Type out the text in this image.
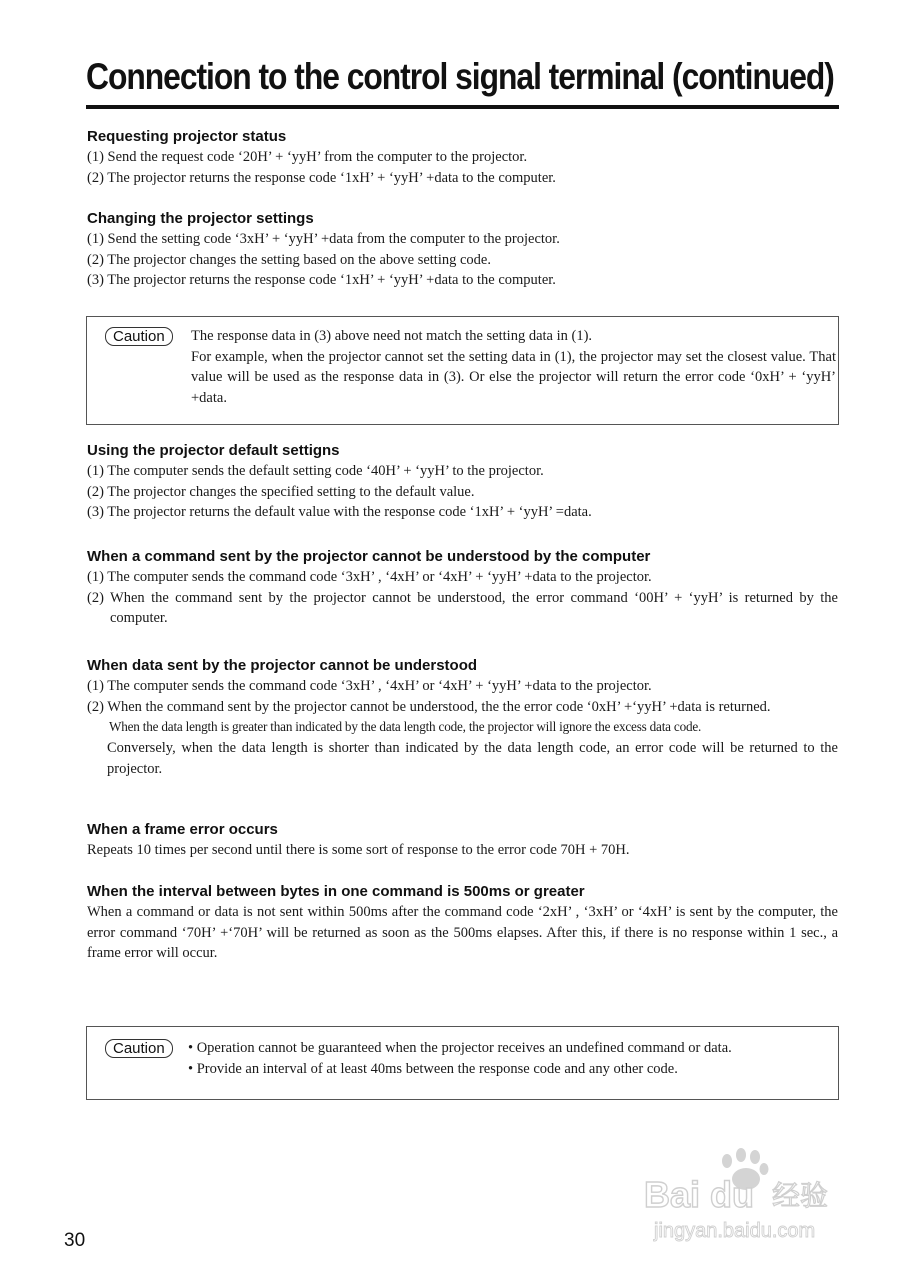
Connection to the control signal terminal (continued)
Requesting projector status
(1) Send the request code ‘20H’ + ‘yyH’ from the computer to the projector.
(2) The projector returns the response code ‘1xH’ + ‘yyH’ +data to the computer.
Changing the projector settings
(1) Send the setting code ‘3xH’ + ‘yyH’ +data from the computer to the projector.
(2) The projector changes the setting based on the above setting code.
(3) The projector returns the response code ‘1xH’ + ‘yyH’ +data to the computer.
Caution	The response data in (3) above need not match the setting data in (1).
For example, when the projector cannot set the setting data in (1), the projector may set the closest value. That value will be used as the response data in (3). Or else the projector will return the error code ‘0xH’ + ‘yyH’ +data.
Using the projector default settigns
(1) The computer sends the default setting code ‘40H’ + ‘yyH’ to the projector.
(2) The projector changes the specified setting to the default value.
(3) The projector returns the default value with the response code ‘1xH’ + ‘yyH’ =data.
When a command sent by the projector cannot be understood by the computer
(1) The computer sends the command code ‘3xH’ , ‘4xH’ or ‘4xH’ + ‘yyH’ +data to the projector.
(2) When the command sent by the projector cannot be understood, the error command ‘00H’ + ‘yyH’ is returned by the computer.
When data sent by the projector cannot be understood
(1) The computer sends the command code ‘3xH’ , ‘4xH’ or ‘4xH’ + ‘yyH’ +data to the projector.
(2) When the command sent by the projector cannot be understood, the the error code ‘0xH’ +‘yyH’ +data is returned.
When the data length is greater than indicated by the data length code, the projector will ignore the excess data code.
Conversely, when the data length is shorter than indicated by the data length code, an error code will be returned to the projector.
When a frame error occurs
Repeats 10 times per second until there is some sort of response to the error code 70H + 70H.
When the interval between bytes in one command is 500ms or greater
When a command or data is not sent within 500ms after the command code ‘2xH’ , ‘3xH’ or ‘4xH’ is sent by the computer, the error command ‘70H’ +‘70H’ will be returned as soon as the 500ms elapses. After this, if there is no response within 1 sec., a frame error will occur.
Caution	• Operation cannot be guaranteed when the projector receives an undefined command or data.
• Provide an interval of at least 40ms between the response code and any other code.
Bai du 经验
jingyan.baidu.com
30
